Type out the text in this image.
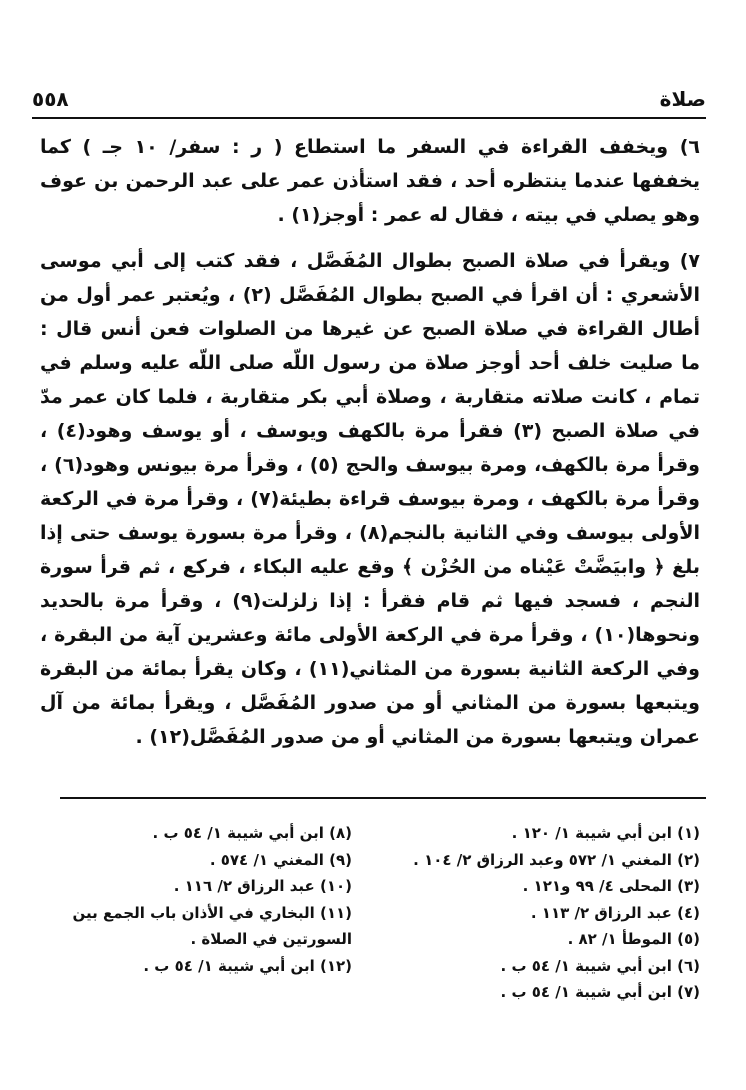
صلاة
٥٥٨

٦) ويخفف القراءة في السفر ما استطاع ( ر : سفر/ ١٠ جـ ) كما يخففها عندما ينتظره أحد ، فقد استأذن عمر على عبد الرحمن بن عوف وهو يصلي في بيته ، فقال له عمر : أوجز(١) .

٧) ويقرأ في صلاة الصبح بطوال المُفَصَّل ، فقد كتب إلى أبي موسى الأشعري : أن اقرأ في الصبح بطوال المُفَصَّل (٢) ، ويُعتبر عمر أول من أطال القراءة في صلاة الصبح عن غيرها من الصلوات فعن أنس قال : ما صليت خلف أحد أوجز صلاة من رسول اللّه صلى اللّه عليه وسلم في تمام ، كانت صلاته متقاربة ، وصلاة أبي بكر متقاربة ، فلما كان عمر مدّ في صلاة الصبح (٣) فقرأ مرة بالكهف ويوسف ، أو يوسف وهود(٤) ، وقرأ مرة بالكهف، ومرة بيوسف والحج (٥) ، وقرأ مرة بيونس وهود(٦) ، وقرأ مرة بالكهف ، ومرة بيوسف قراءة بطيئة(٧) ، وقرأ مرة في الركعة الأولى بيوسف وفي الثانية بالنجم(٨) ، وقرأ مرة بسورة يوسف حتى إذا بلغ ﴿ وابيَضَّتْ عَيْناه من الحُزْن ﴾ وقع عليه البكاء ، فركع ، ثم قرأ سورة النجم ، فسجد فيها ثم قام فقرأ : إذا زلزلت(٩) ، وقرأ مرة بالحديد ونحوها(١٠) ، وقرأ مرة في الركعة الأولى مائة وعشرين آية من البقرة ، وفي الركعة الثانية بسورة من المثاني(١١) ، وكان يقرأ بمائة من البقرة ويتبعها بسورة من المثاني أو من صدور المُفَصَّل ، ويقرأ بمائة من آل عمران ويتبعها بسورة من المثاني أو من صدور المُفَصَّل(١٢) .

(١) ابن أبي شيبة ١/ ١٢٠ .
(٢) المغني ١/ ٥٧٢ وعبد الرزاق ٢/ ١٠٤ .
(٣) المحلى ٤/ ٩٩ و١٢١ .
(٤) عبد الرزاق ٢/ ١١٣ .
(٥) الموطأ ١/ ٨٢ .
(٦) ابن أبي شيبة ١/ ٥٤ ب .
(٧) ابن أبي شيبة ١/ ٥٤ ب .
(٨) ابن أبي شيبة ١/ ٥٤ ب .
(٩) المغني ١/ ٥٧٤ .
(١٠) عبد الرزاق ٢/ ١١٦ .
(١١) البخاري في الأذان باب الجمع بين السورتين في الصلاة .
(١٢) ابن أبي شيبة ١/ ٥٤ ب .
